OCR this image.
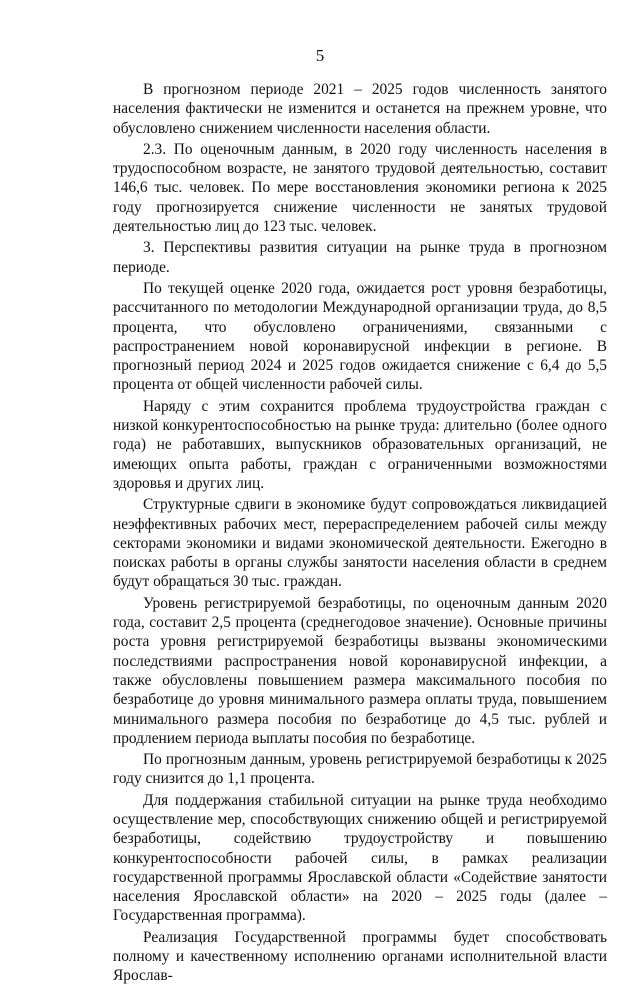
5

В прогнозном периоде 2021 – 2025 годов численность занятого населения фактически не изменится и останется на прежнем уровне, что обусловлено снижением численности населения области.

2.3. По оценочным данным, в 2020 году численность населения в трудоспособном возрасте, не занятого трудовой деятельностью, составит 146,6 тыс. человек. По мере восстановления экономики региона к 2025 году прогнозируется снижение численности не занятых трудовой деятельностью лиц до 123 тыс. человек.

3. Перспективы развития ситуации на рынке труда в прогнозном периоде.

По текущей оценке 2020 года, ожидается рост уровня безработицы, рассчитанного по методологии Международной организации труда, до 8,5 процента, что обусловлено ограничениями, связанными с распространением новой коронавирусной инфекции в регионе. В прогнозный период 2024 и 2025 годов ожидается снижение с 6,4 до 5,5 процента от общей численности рабочей силы.

Наряду с этим сохранится проблема трудоустройства граждан с низкой конкурентоспособностью на рынке труда: длительно (более одного года) не работавших, выпускников образовательных организаций, не имеющих опыта работы, граждан с ограниченными возможностями здоровья и других лиц.

Структурные сдвиги в экономике будут сопровождаться ликвидацией неэффективных рабочих мест, перераспределением рабочей силы между секторами экономики и видами экономической деятельности. Ежегодно в поисках работы в органы службы занятости населения области в среднем будут обращаться 30 тыс. граждан.

Уровень регистрируемой безработицы, по оценочным данным 2020 года, составит 2,5 процента (среднегодовое значение). Основные причины роста уровня регистрируемой безработицы вызваны экономическими последствиями распространения новой коронавирусной инфекции, а также обусловлены повышением размера максимального пособия по безработице до уровня минимального размера оплаты труда, повышением минимального размера пособия по безработице до 4,5 тыс. рублей и продлением периода выплаты пособия по безработице.

По прогнозным данным, уровень регистрируемой безработицы к 2025 году снизится до 1,1 процента.

Для поддержания стабильной ситуации на рынке труда необходимо осуществление мер, способствующих снижению общей и регистрируемой безработицы, содействию трудоустройству и повышению конкурентоспособности рабочей силы, в рамках реализации государственной программы Ярославской области «Содействие занятости населения Ярославской области» на 2020 – 2025 годы (далее – Государственная программа).

Реализация Государственной программы будет способствовать полному и качественному исполнению органами исполнительной власти Ярослав-
